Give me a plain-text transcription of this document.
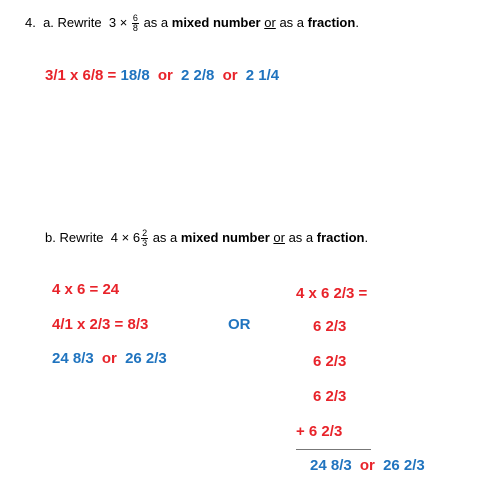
4. a. Rewrite $3 \times \frac{6}{8}$ as a mixed number or as a fraction.
3/1 x 6/8 = 18/8 or 2 2/8 or 2 1/4
b. Rewrite $4 \times 6 \frac{2}{3}$ as a mixed number or as a fraction.
4 x 6 = 24
4/1 x 2/3 = 8/3
24 8/3 or 26 2/3
OR
4 x 6 2/3 =
6 2/3
6 2/3
6 2/3
+ 6 2/3
24 8/3 or 26 2/3
